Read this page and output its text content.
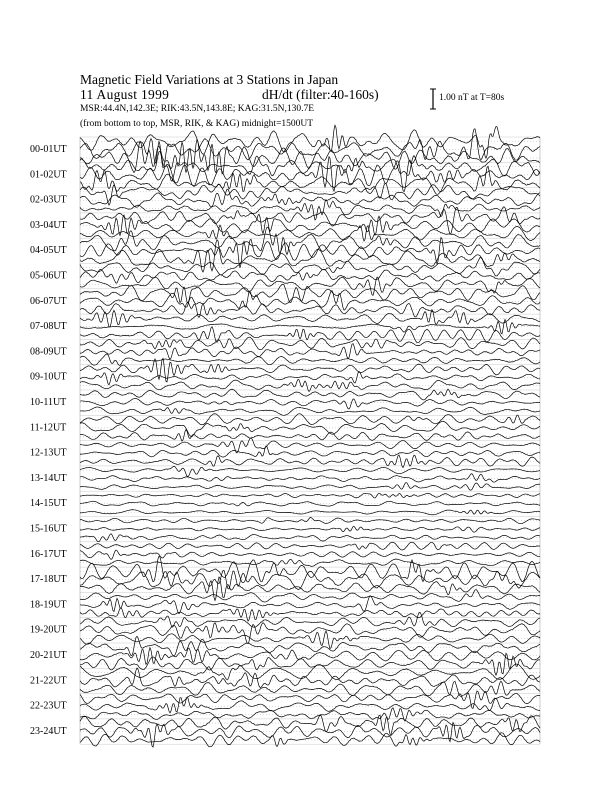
Magnetic Field Variations at 3 Stations in Japan
11 August 1999	dH/dt (filter:40-160s)
MSR:44.4N,142.3E; RIK:43.5N,143.8E; KAG:31.5N,130.7E
(from bottom to top, MSR, RIK, & KAG) midnight=1500UT
1.00 nT at T=80s
00-01UT
01-02UT
02-03UT
03-04UT
04-05UT
05-06UT
06-07UT
07-08UT
08-09UT
09-10UT
10-11UT
11-12UT
12-13UT
13-14UT
14-15UT
15-16UT
16-17UT
17-18UT
18-19UT
19-20UT
20-21UT
21-22UT
22-23UT
23-24UT
